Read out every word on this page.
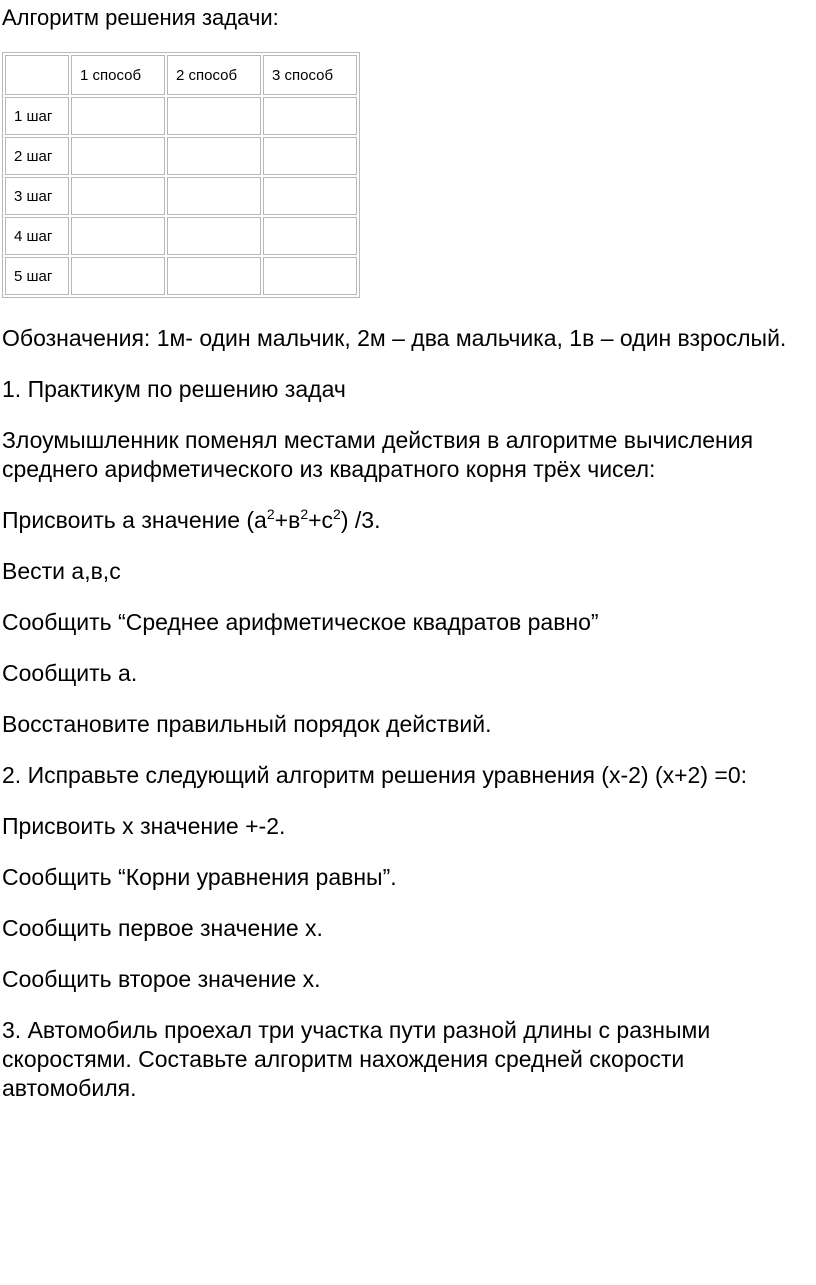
Алгоритм решения задачи:

	1 способ	2 способ	3 способ
1 шаг			
2 шаг			
3 шаг			
4 шаг			
5 шаг			

Обозначения: 1м- один мальчик, 2м – два мальчика, 1в – один взрослый.

1. Практикум по решению задач

Злоумышленник поменял местами действия в алгоритме вычисления среднего арифметического из квадратного корня трёх чисел:

Присвоить а значение $(а^2+в^2+с^2)$ /3.

Вести а,в,с

Сообщить “Среднее арифметическое квадратов равно”

Сообщить а.

Восстановите правильный порядок действий.

2. Исправьте следующий алгоритм решения уравнения (х-2) (х+2) =0:

Присвоить х значение +-2.

Сообщить “Корни уравнения равны”.

Сообщить первое значение х.

Сообщить второе значение х.

3. Автомобиль проехал три участка пути разной длины с разными скоростями. Составьте алгоритм нахождения средней скорости автомобиля.
